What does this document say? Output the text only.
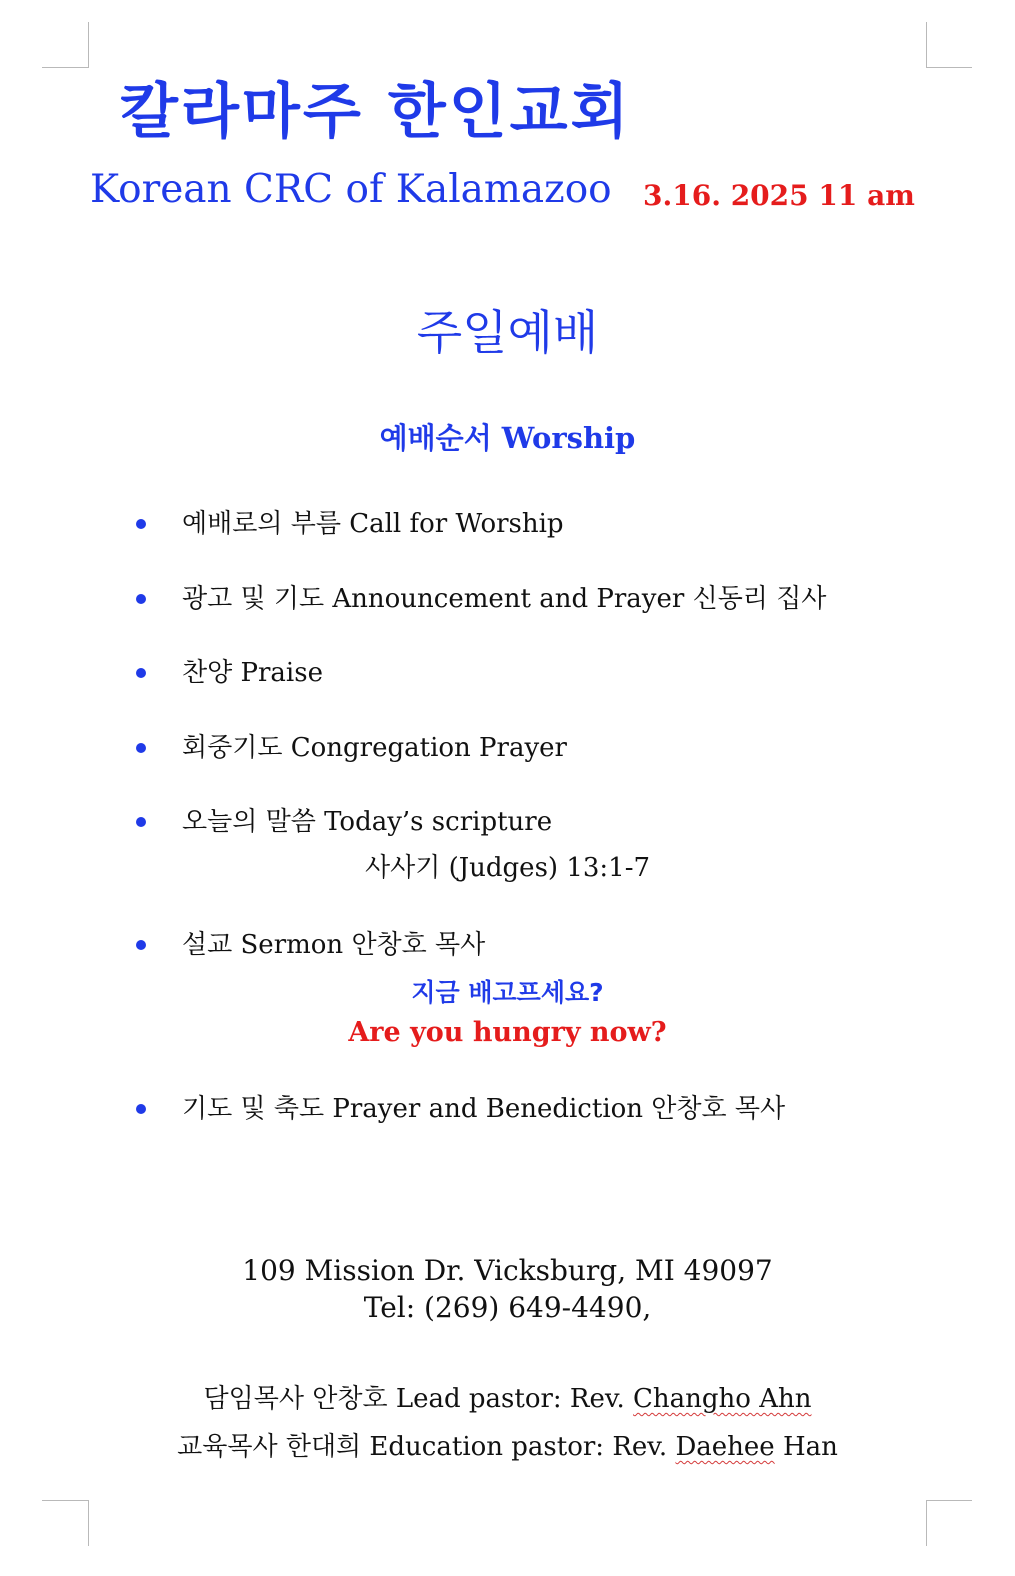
칼라마주 한인교회
Korean CRC of Kalamazoo 3.16. 2025 11 am
주일예배
예배순서 Worship
예배로의 부름 Call for Worship
광고 및 기도 Announcement and Prayer 신동리 집사
찬양 Praise
회중기도 Congregation Prayer
오늘의 말씀 Today’s scripture
사사기 (Judges) 13:1-7
설교 Sermon 안창호 목사
지금 배고프세요?
Are you hungry now?
기도 및 축도 Prayer and Benediction 안창호 목사
109 Mission Dr. Vicksburg, MI 49097
Tel: (269) 649-4490,
담임목사 안창호 Lead pastor: Rev. Changho Ahn
교육목사 한대희 Education pastor: Rev. Daehee Han
